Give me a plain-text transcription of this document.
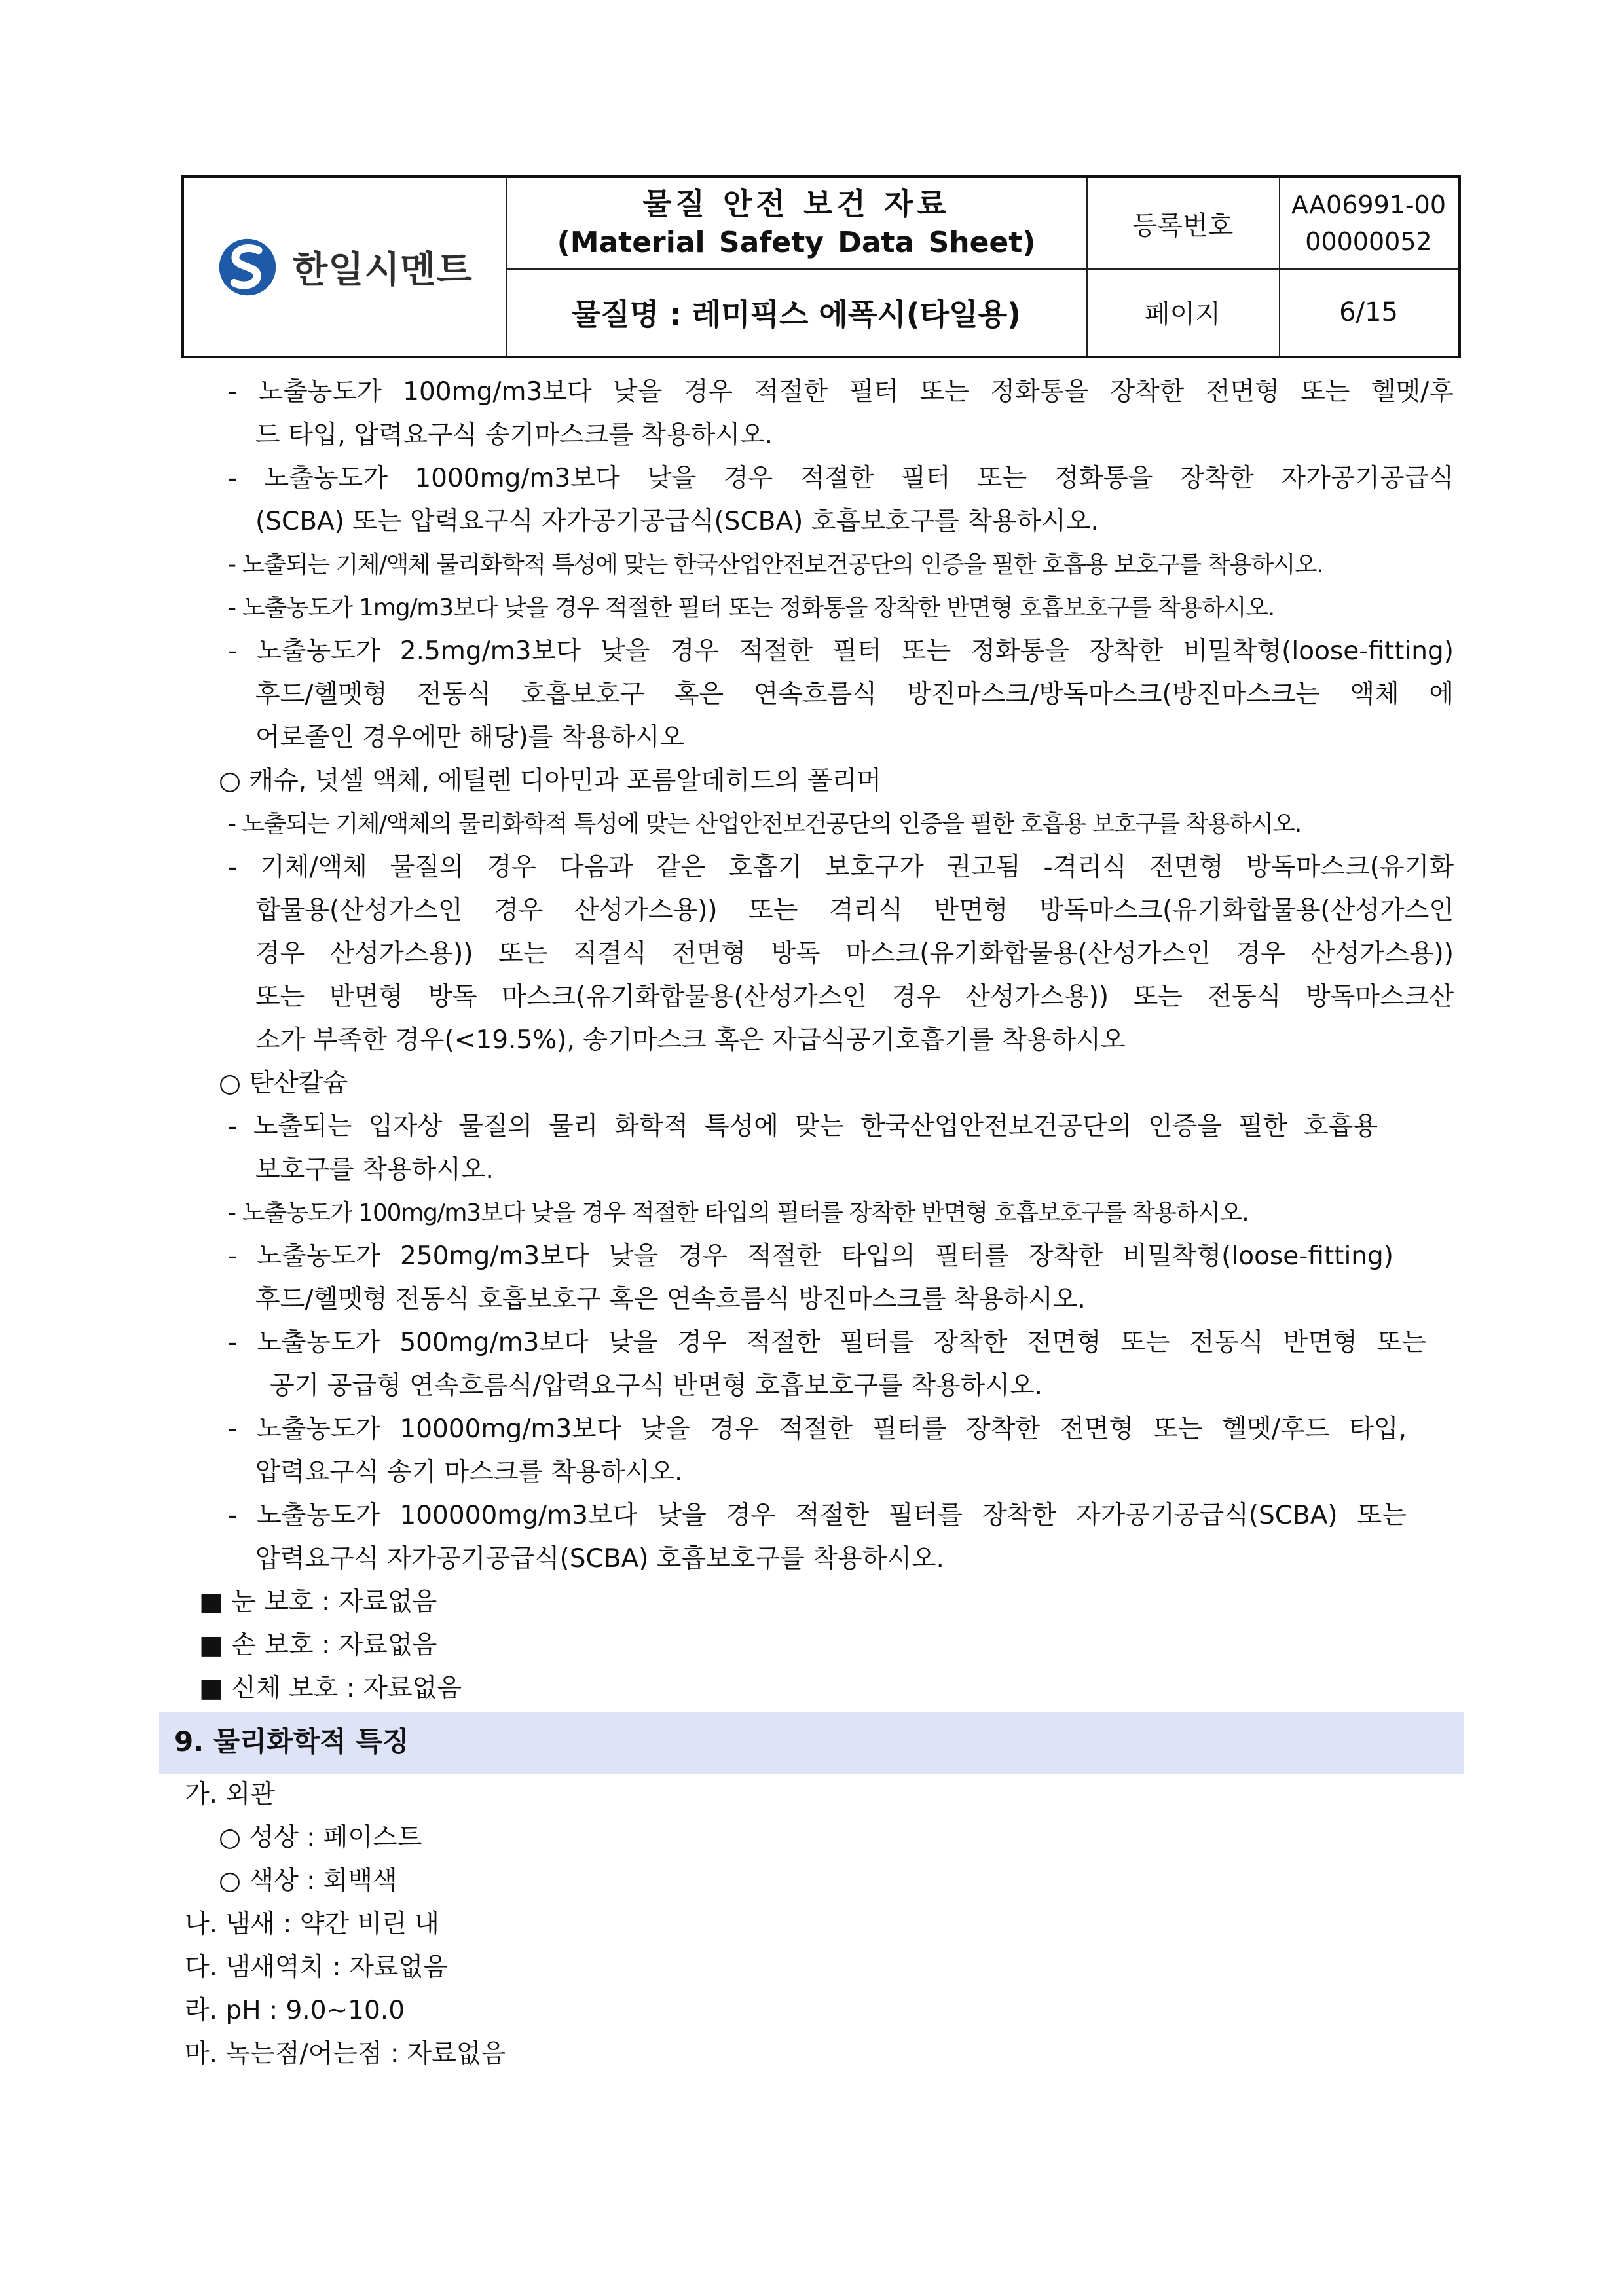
한일시멘트
물질 안전 보건 자료
(Material Safety Data Sheet)
물질명 : 레미픽스 에폭시(타일용)
등록번호
AA06991-00
00000052
페이지	6/15
- 노출농도가 100mg/m3보다 낮을 경우 적절한 필터 또는 정화통을 장착한 전면형 또는 헬멧/후
드 타입, 압력요구식 송기마스크를 착용하시오.
- 노출농도가 1000mg/m3보다 낮을 경우 적절한 필터 또는 정화통을 장착한 자가공기공급식
(SCBA) 또는 압력요구식 자가공기공급식(SCBA) 호흡보호구를 착용하시오.
- 노출되는 기체/액체 물리화학적 특성에 맞는 한국산업안전보건공단의 인증을 필한 호흡용 보호구를 착용하시오.
- 노출농도가 1mg/m3보다 낮을 경우 적절한 필터 또는 정화통을 장착한 반면형 호흡보호구를 착용하시오.
- 노출농도가 2.5mg/m3보다 낮을 경우 적절한 필터 또는 정화통을 장착한 비밀착형(loose-fitting)
후드/헬멧형 전동식 호흡보호구 혹은 연속흐름식 방진마스크/방독마스크(방진마스크는 액체 에
어로졸인 경우에만 해당)를 착용하시오
○ 캐슈, 넛셀 액체, 에틸렌 디아민과 포름알데히드의 폴리머
- 노출되는 기체/액체의 물리화학적 특성에 맞는 산업안전보건공단의 인증을 필한 호흡용 보호구를 착용하시오.
- 기체/액체 물질의 경우 다음과 같은 호흡기 보호구가 권고됨 -격리식 전면형 방독마스크(유기화
합물용(산성가스인 경우 산성가스용)) 또는 격리식 반면형 방독마스크(유기화합물용(산성가스인
경우 산성가스용)) 또는 직결식 전면형 방독 마스크(유기화합물용(산성가스인 경우 산성가스용))
또는 반면형 방독 마스크(유기화합물용(산성가스인 경우 산성가스용)) 또는 전동식 방독마스크산
소가 부족한 경우(<19.5%), 송기마스크 혹은 자급식공기호흡기를 착용하시오
○ 탄산칼슘
- 노출되는 입자상 물질의 물리 화학적 특성에 맞는 한국산업안전보건공단의 인증을 필한 호흡용
보호구를 착용하시오.
- 노출농도가 100mg/m3보다 낮을 경우 적절한 타입의 필터를 장착한 반면형 호흡보호구를 착용하시오.
- 노출농도가 250mg/m3보다 낮을 경우 적절한 타입의 필터를 장착한 비밀착형(loose-fitting)
후드/헬멧형 전동식 호흡보호구 혹은 연속흐름식 방진마스크를 착용하시오.
- 노출농도가 500mg/m3보다 낮을 경우 적절한 필터를 장착한 전면형 또는 전동식 반면형 또는
공기 공급형 연속흐름식/압력요구식 반면형 호흡보호구를 착용하시오.
- 노출농도가 10000mg/m3보다 낮을 경우 적절한 필터를 장착한 전면형 또는 헬멧/후드 타입,
압력요구식 송기 마스크를 착용하시오.
- 노출농도가 100000mg/m3보다 낮을 경우 적절한 필터를 장착한 자가공기공급식(SCBA) 또는
압력요구식 자가공기공급식(SCBA) 호흡보호구를 착용하시오.
■ 눈 보호 : 자료없음
■ 손 보호 : 자료없음
■ 신체 보호 : 자료없음
9. 물리화학적 특징
가. 외관
○ 성상 : 페이스트
○ 색상 : 회백색
나. 냄새 : 약간 비린 내
다. 냄새역치 : 자료없음
라. pH : 9.0~10.0
마. 녹는점/어는점 : 자료없음
